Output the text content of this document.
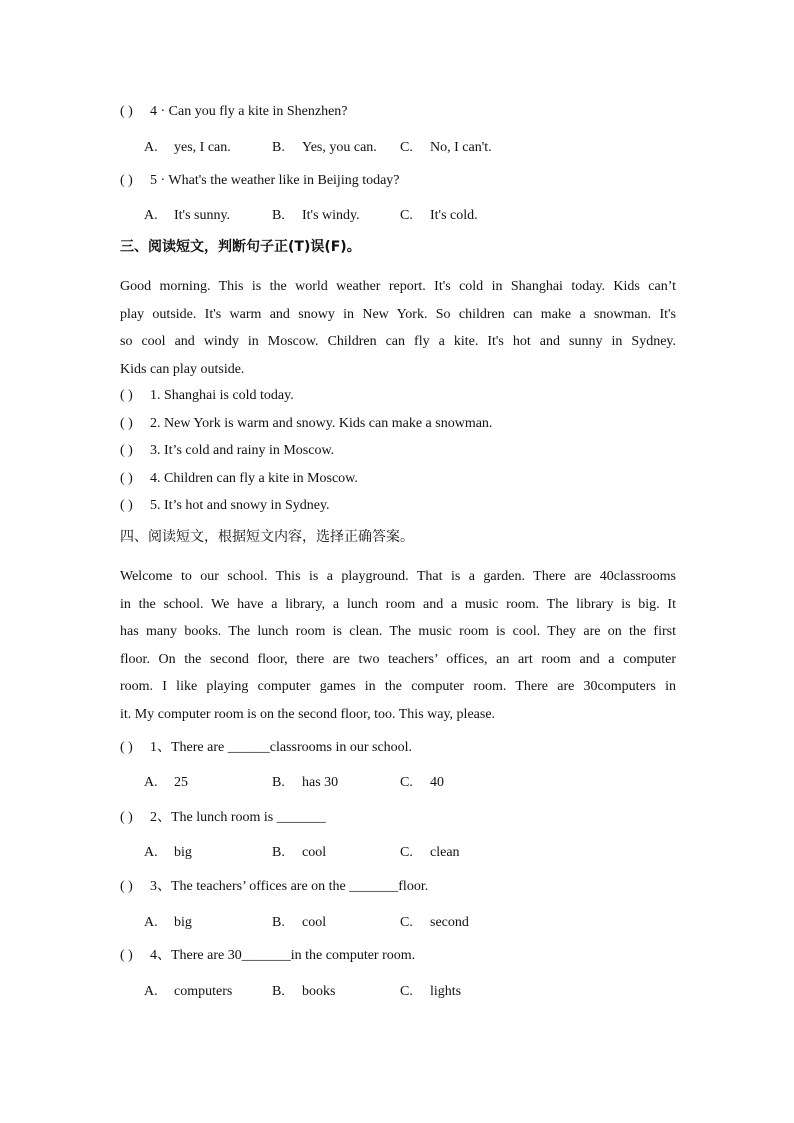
( )	4 · Can you fly a kite in Shenzhen?
A. yes, I can.	B. Yes, you can. C. No, I can't.
( )	5 · What's the weather like in Beijing today?
A. It's sunny.	B. It's windy.	C. It's cold.
三、阅读短文，判断句子正(T)误(F)。
Good morning. This is the world weather report. It's cold in Shanghai today. Kids can’t
play outside. It's warm and snowy in New York. So children can make a snowman. It's
so cool and windy in Moscow. Children can fly a kite. It's hot and sunny in Sydney.
Kids can play outside.
( )	1. Shanghai is cold today.
( )	2. New York is warm and snowy. Kids can make a snowman.
( )	3. It’s cold and rainy in Moscow.
( )	4. Children can fly a kite in Moscow.
( )	5. It’s hot and snowy in Sydney.
四、阅读短文，根据短文内容，选择正确答案。
Welcome to our school. This is a playground. That is a garden. There are 40classrooms
in the school. We have a library, a lunch room and a music room. The library is big. It
has many books. The lunch room is clean. The music room is cool. They are on the first
floor. On the second floor, there are two teachers’ offices, an art room and a computer
room. I like playing computer games in the computer room. There are 30computers in
it. My computer room is on the second floor, too. This way, please.
( )	1、There are ______classrooms in our school.
A. 25	B. has 30	C. 40
( )	2、The lunch room is _______
A. big	B. cool	C. clean
( )	3、The teachers’ offices are on the _______floor.
A. big	B. cool	C. second
( )	4、There are 30_______in the computer room.
A. computers	B. books	C. lights
